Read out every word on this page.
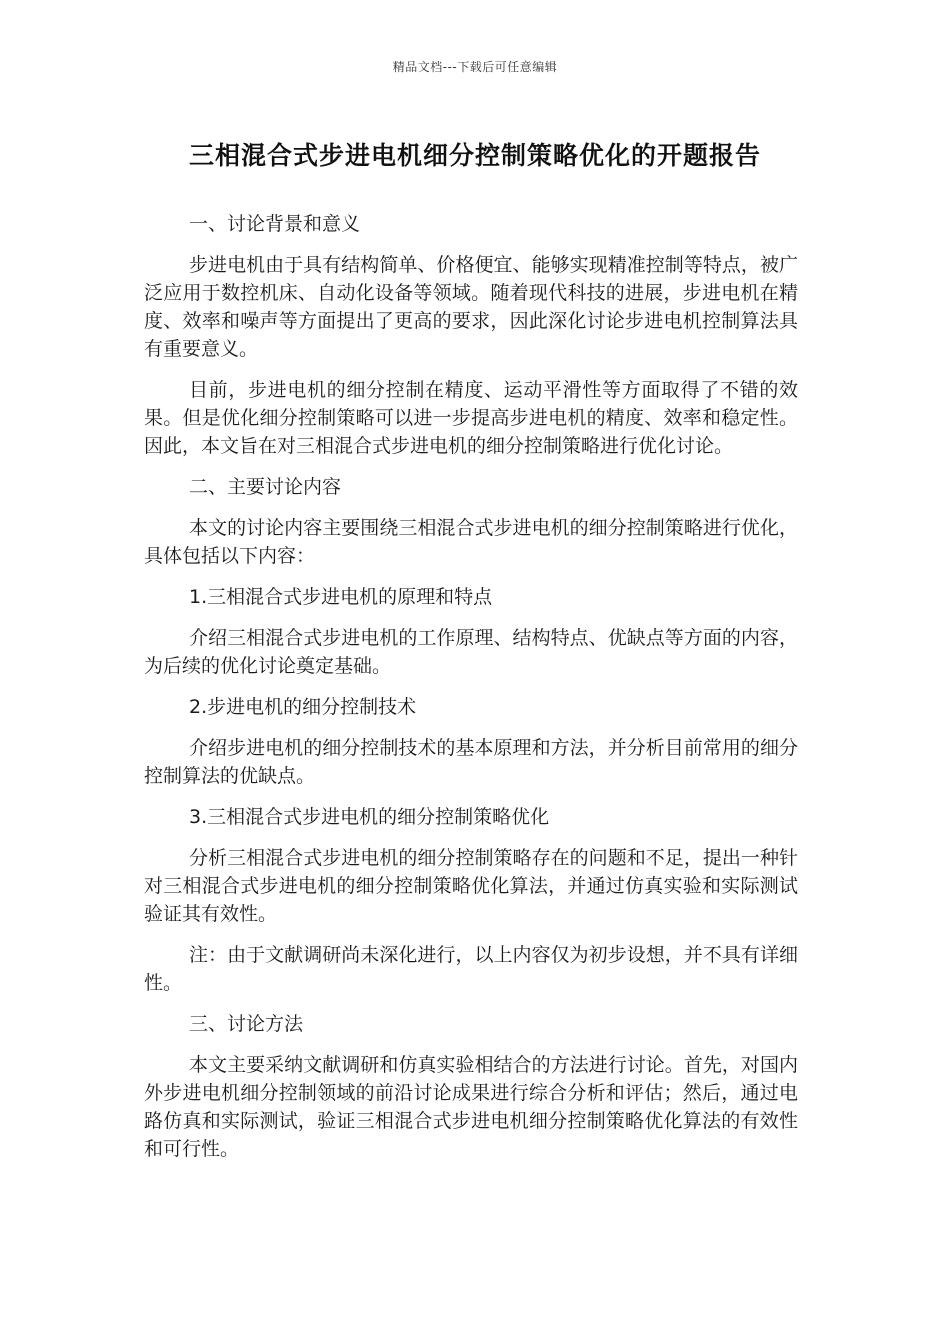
精品文档---下载后可任意编辑
三相混合式步进电机细分控制策略优化的开题报告

一、讨论背景和意义

步进电机由于具有结构简单、价格便宜、能够实现精准控制等特点，被广泛应用于数控机床、自动化设备等领域。随着现代科技的进展，步进电机在精度、效率和噪声等方面提出了更高的要求，因此深化讨论步进电机控制算法具有重要意义。

目前，步进电机的细分控制在精度、运动平滑性等方面取得了不错的效果。但是优化细分控制策略可以进一步提高步进电机的精度、效率和稳定性。因此，本文旨在对三相混合式步进电机的细分控制策略进行优化讨论。

二、主要讨论内容

本文的讨论内容主要围绕三相混合式步进电机的细分控制策略进行优化，具体包括以下内容：

1.三相混合式步进电机的原理和特点

介绍三相混合式步进电机的工作原理、结构特点、优缺点等方面的内容，为后续的优化讨论奠定基础。

2.步进电机的细分控制技术

介绍步进电机的细分控制技术的基本原理和方法，并分析目前常用的细分控制算法的优缺点。

3.三相混合式步进电机的细分控制策略优化

分析三相混合式步进电机的细分控制策略存在的问题和不足，提出一种针对三相混合式步进电机的细分控制策略优化算法，并通过仿真实验和实际测试验证其有效性。

注：由于文献调研尚未深化进行，以上内容仅为初步设想，并不具有详细性。

三、讨论方法

本文主要采纳文献调研和仿真实验相结合的方法进行讨论。首先，对国内外步进电机细分控制领域的前沿讨论成果进行综合分析和评估；然后，通过电路仿真和实际测试，验证三相混合式步进电机细分控制策略优化算法的有效性和可行性。
